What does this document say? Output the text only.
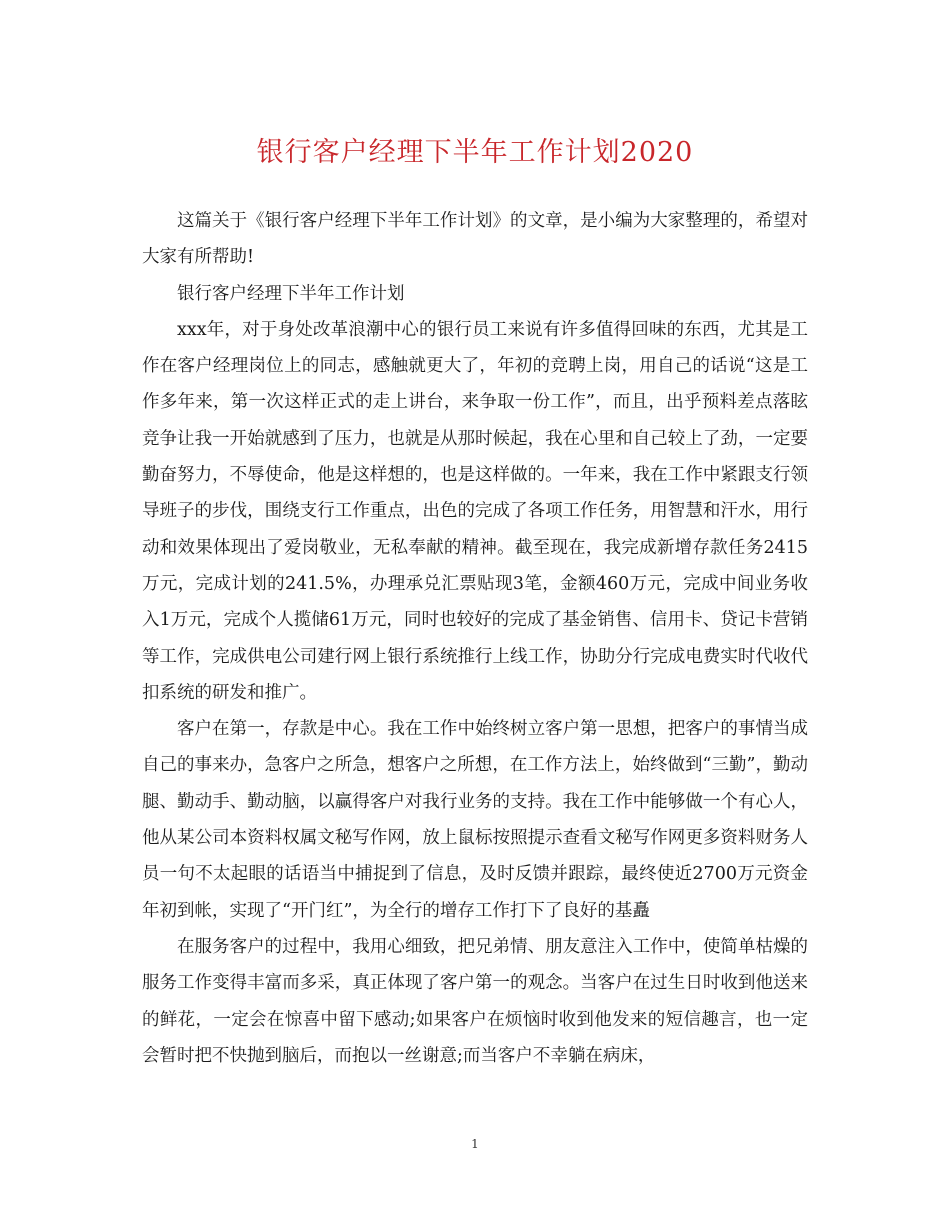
银行客户经理下半年工作计划2020

这篇关于《银行客户经理下半年工作计划》的文章，是小编为大家整理的，希望对大家有所帮助!

银行客户经理下半年工作计划

xxx年，对于身处改革浪潮中心的银行员工来说有许多值得回味的东西，尤其是工作在客户经理岗位上的同志，感触就更大了，年初的竞聘上岗，用自己的话说“这是工作多年来，第一次这样正式的走上讲台，来争取一份工作”，而且，出乎预料差点落眩竞争让我一开始就感到了压力，也就是从那时候起，我在心里和自己较上了劲，一定要勤奋努力，不辱使命，他是这样想的，也是这样做的。一年来，我在工作中紧跟支行领导班子的步伐，围绕支行工作重点，出色的完成了各项工作任务，用智慧和汗水，用行动和效果体现出了爱岗敬业，无私奉献的精神。截至现在，我完成新增存款任务2415万元，完成计划的241.5%，办理承兑汇票贴现3笔，金额460万元，完成中间业务收入1万元，完成个人揽储61万元，同时也较好的完成了基金销售、信用卡、贷记卡营销等工作，完成供电公司建行网上银行系统推行上线工作，协助分行完成电费实时代收代扣系统的研发和推广。

客户在第一，存款是中心。我在工作中始终树立客户第一思想，把客户的事情当成自己的事来办，急客户之所急，想客户之所想，在工作方法上，始终做到“三勤”，勤动腿、勤动手、勤动脑，以赢得客户对我行业务的支持。我在工作中能够做一个有心人，他从某公司本资料权属文秘写作网，放上鼠标按照提示查看文秘写作网更多资料财务人员一句不太起眼的话语当中捕捉到了信息，及时反馈并跟踪，最终使近2700万元资金年初到帐，实现了“开门红”，为全行的增存工作打下了良好的基矗

在服务客户的过程中，我用心细致，把兄弟情、朋友意注入工作中，使简单枯燥的服务工作变得丰富而多采，真正体现了客户第一的观念。当客户在过生日时收到他送来的鲜花，一定会在惊喜中留下感动;如果客户在烦恼时收到他发来的短信趣言，也一定会暂时把不快抛到脑后，而抱以一丝谢意;而当客户不幸躺在病床，

1
